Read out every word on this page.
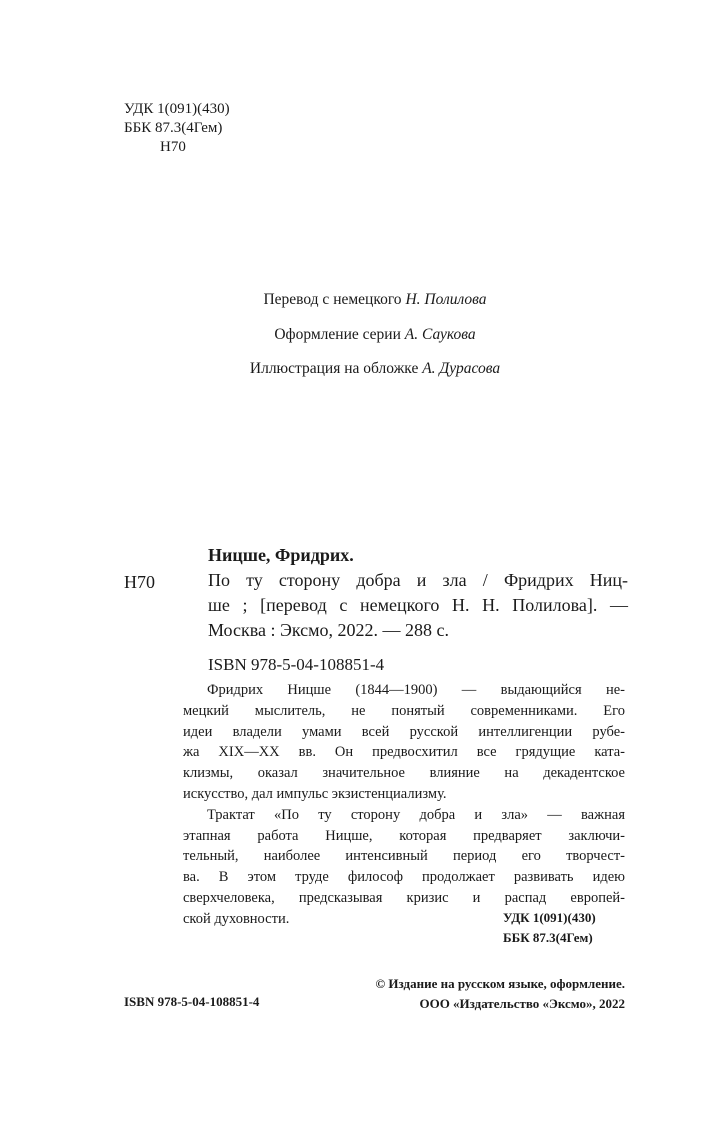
УДК 1(091)(430)
ББК 87.3(4Гем)
Н70
Перевод с немецкого Н. Полилова
Оформление серии А. Саукова
Иллюстрация на обложке А. Дурасова
Ницше, Фридрих.
Н70	По ту сторону добра и зла / Фридрих Ниц-
ше ; [перевод с немецкого Н. Н. Полилова]. —
Москва : Эксмо, 2022. — 288 с.
ISBN 978-5-04-108851-4
Фридрих Ницше (1844—1900) — выдающийся не-
мецкий мыслитель, не понятый современниками. Его
идеи владели умами всей русской интеллигенции рубе-
жа XIX—XX вв. Он предвосхитил все грядущие ката-
клизмы, оказал значительное влияние на декадентское
искусство, дал импульс экзистенциализму.
Трактат «По ту сторону добра и зла» — важная
этапная работа Ницше, которая предваряет заключи-
тельный, наиболее интенсивный период его творчест-
ва. В этом труде философ продолжает развивать идею
сверхчеловека, предсказывая кризис и распад европей-
ской духовности.	УДК 1(091)(430)
ББК 87.3(4Гем)
© Издание на русском языке, оформление.
ООО «Издательство «Эксмо», 2022
ISBN 978-5-04-108851-4
